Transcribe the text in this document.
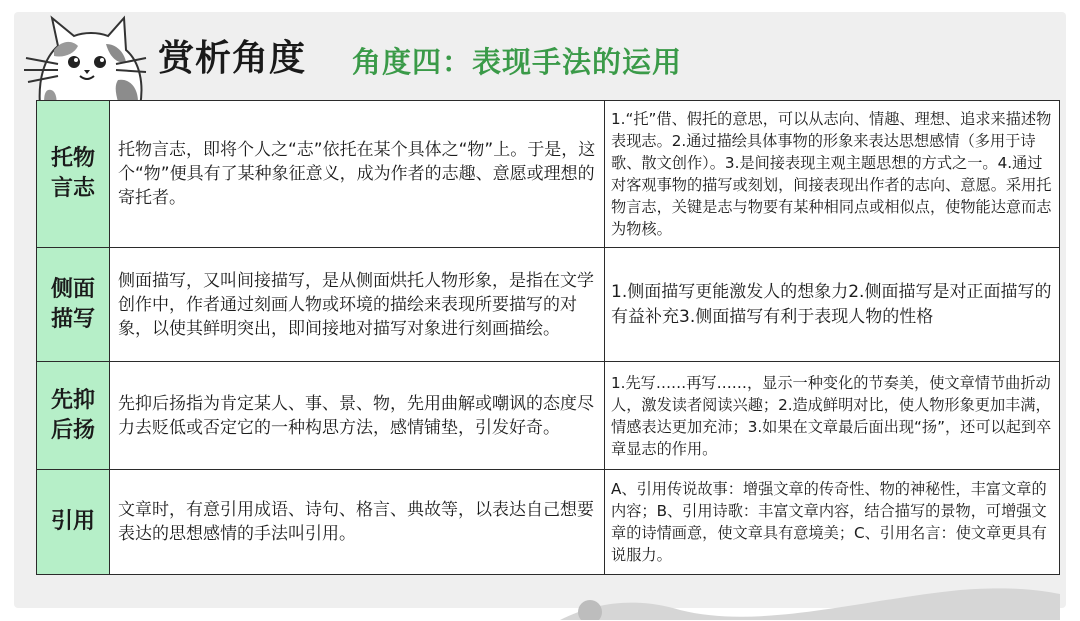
赏析角度 角度四：表现手法的运用
托物言志	托物言志，即将个人之“志”依托在某个具体之“物”上。于是，这个“物”便具有了某种象征意义，成为作者的志趣、意愿或理想的寄托者。	1.“托”借、假托的意思，可以从志向、情趣、理想、追求来描述物表现志。2.通过描绘具体事物的形象来表达思想感情（多用于诗歌、散文创作）。3.是间接表现主观主题思想的方式之一。4.通过对客观事物的描写或刻划，间接表现出作者的志向、意愿。采用托物言志，关键是志与物要有某种相同点或相似点，使物能达意而志为物核。
侧面描写	侧面描写，又叫间接描写，是从侧面烘托人物形象，是指在文学创作中，作者通过刻画人物或环境的描绘来表现所要描写的对象，以使其鲜明突出，即间接地对描写对象进行刻画描绘。	1.侧面描写更能激发人的想象力2.侧面描写是对正面描写的有益补充3.侧面描写有利于表现人物的性格
先抑后扬	先抑后扬指为肯定某人、事、景、物，先用曲解或嘲讽的态度尽力去贬低或否定它的一种构思方法，感情铺垫，引发好奇。	1.先写……再写……，显示一种变化的节奏美，使文章情节曲折动人，激发读者阅读兴趣；2.造成鲜明对比，使人物形象更加丰满，情感表达更加充沛；3.如果在文章最后面出现“扬”，还可以起到卒章显志的作用。
引用	文章时，有意引用成语、诗句、格言、典故等，以表达自己想要表达的思想感情的手法叫引用。	A、引用传说故事：增强文章的传奇性、物的神秘性，丰富文章的内容；B、引用诗歌：丰富文章内容，结合描写的景物，可增强文章的诗情画意，使文章具有意境美；C、引用名言：使文章更具有说服力。
